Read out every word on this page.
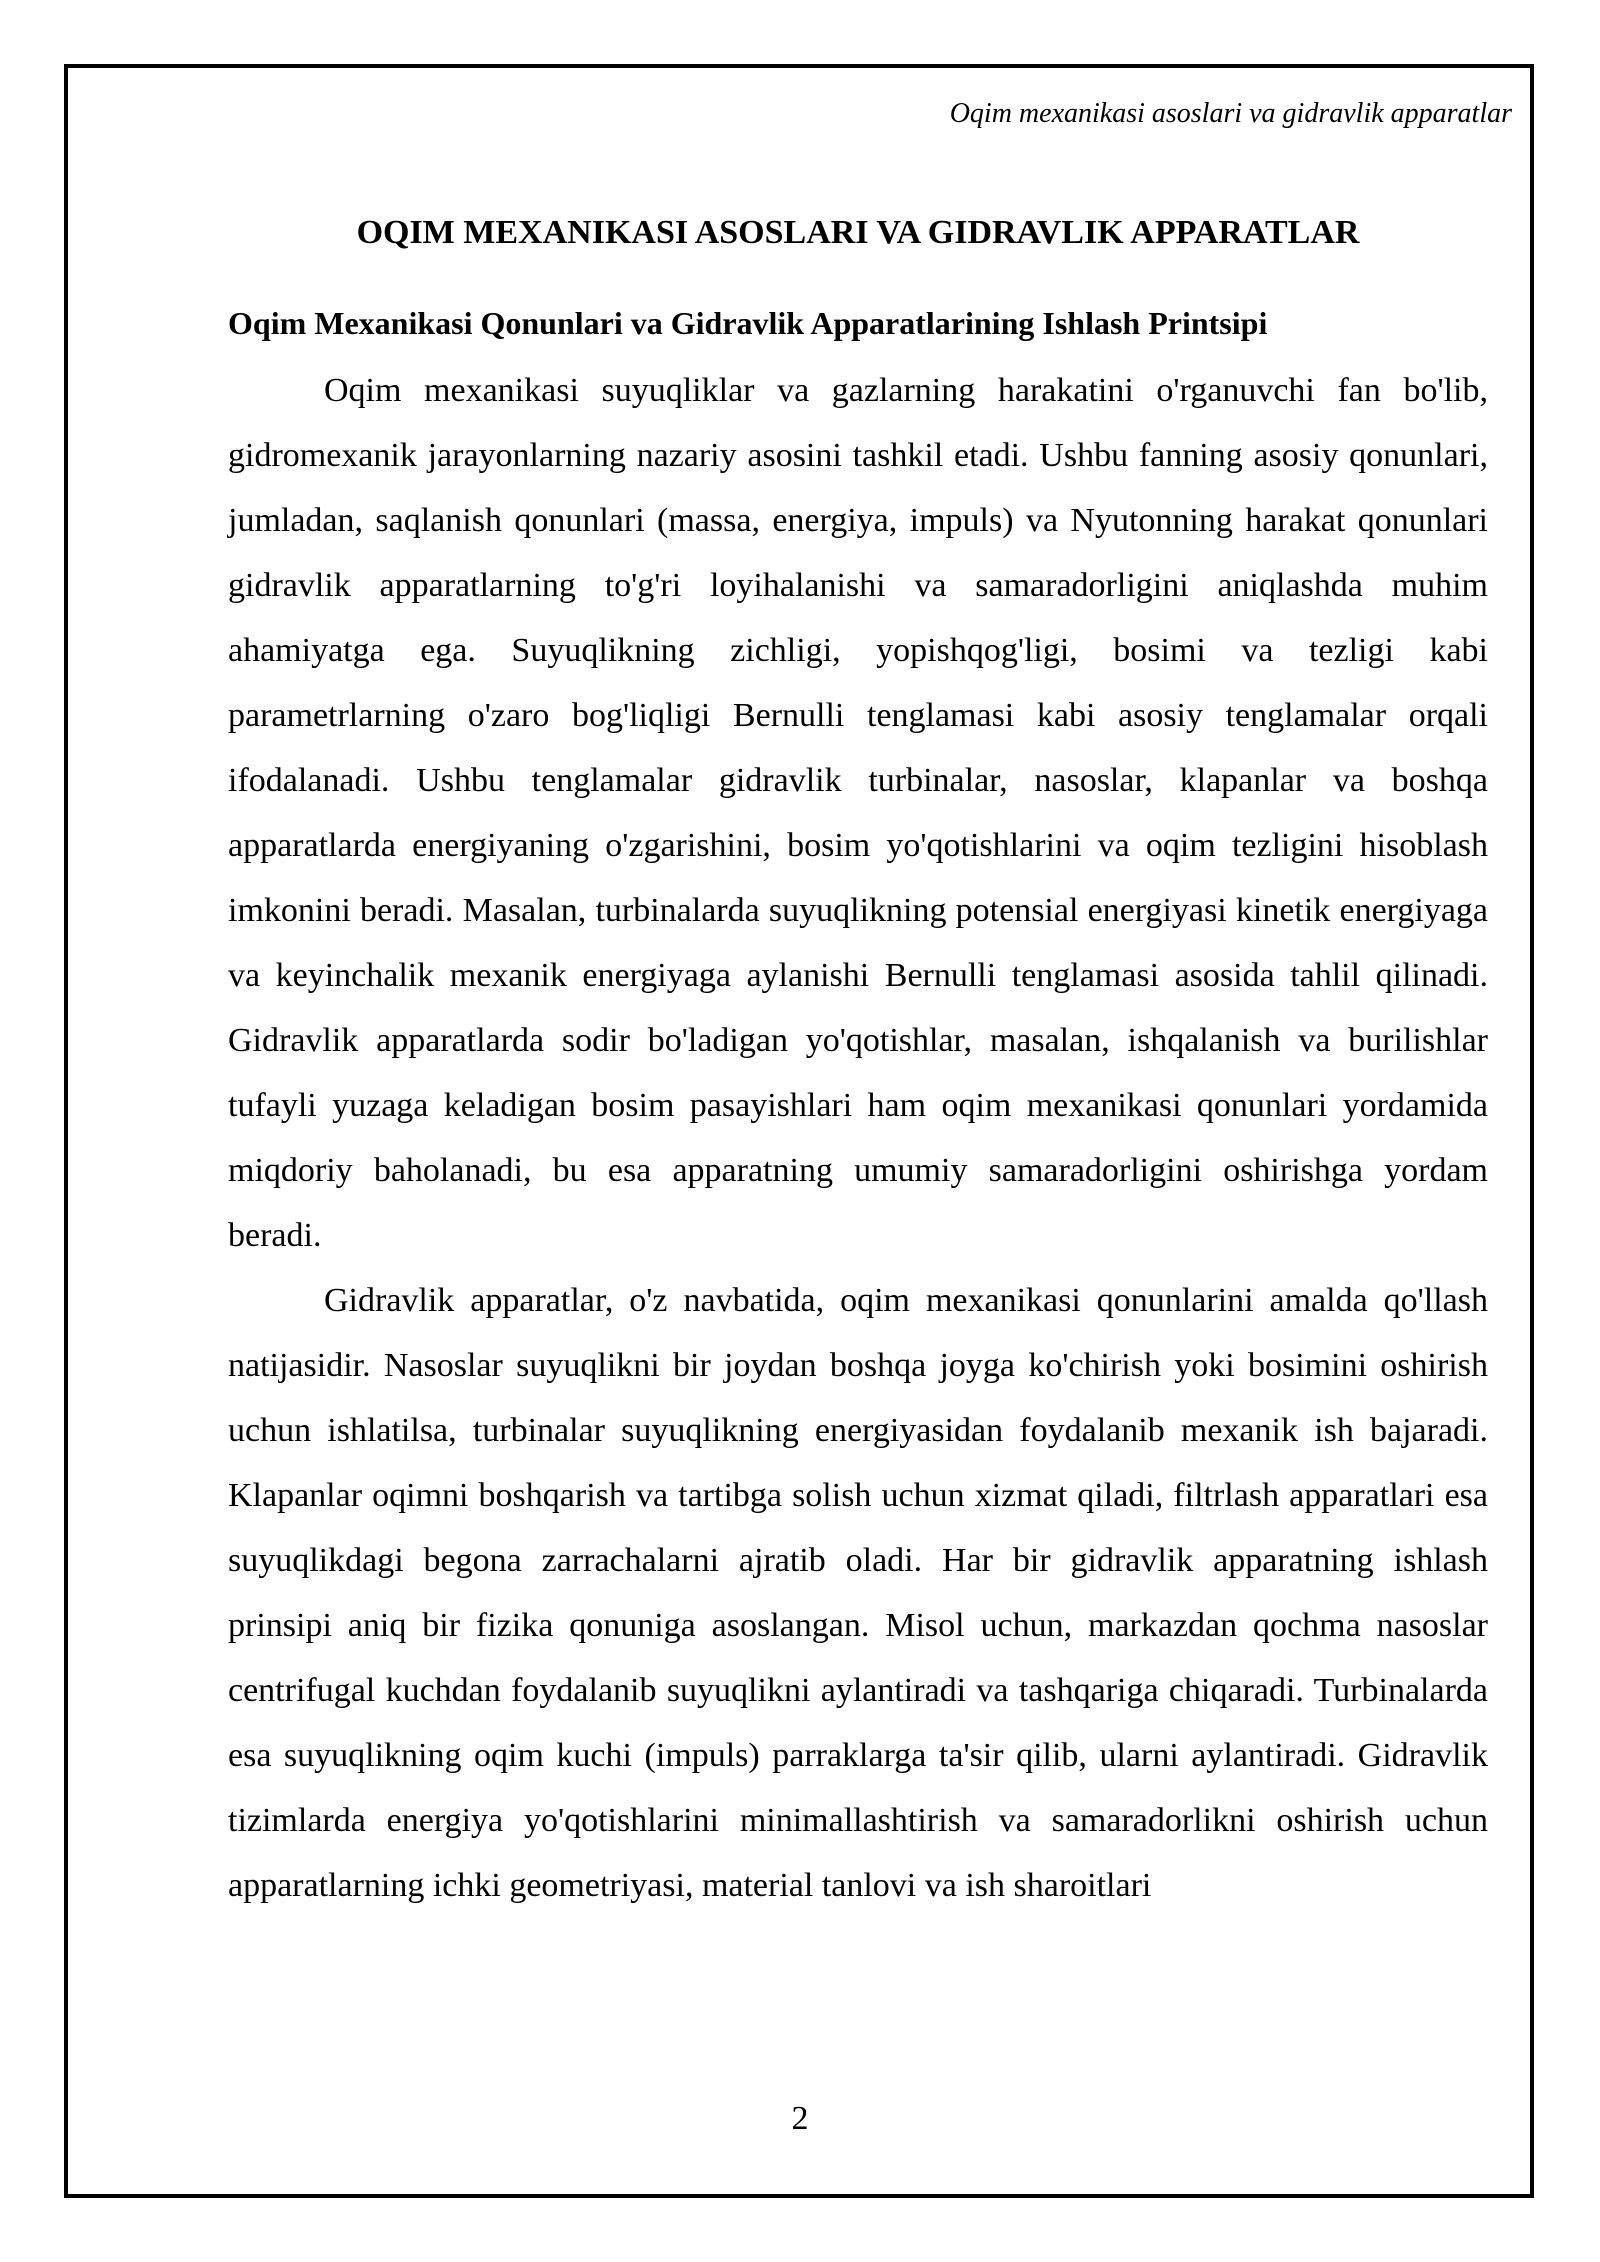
Oqim mexanikasi asoslari va gidravlik apparatlar
OQIM MEXANIKASI ASOSLARI VA GIDRAVLIK APPARATLAR
Oqim Mexanikasi Qonunlari va Gidravlik Apparatlarining Ishlash Printsipi

Oqim mexanikasi suyuqliklar va gazlarning harakatini o'rganuvchi fan bo'lib, gidromexanik jarayonlarning nazariy asosini tashkil etadi. Ushbu fanning asosiy qonunlari, jumladan, saqlanish qonunlari (massa, energiya, impuls) va Nyutonning harakat qonunlari gidravlik apparatlarning to'g'ri loyihalanishi va samaradorligini aniqlashda muhim ahamiyatga ega. Suyuqlikning zichligi, yopishqog'ligi, bosimi va tezligi kabi parametrlarning o'zaro bog'liqligi Bernulli tenglamasi kabi asosiy tenglamalar orqali ifodalanadi. Ushbu tenglamalar gidravlik turbinalar, nasoslar, klapanlar va boshqa apparatlarda energiyaning o'zgarishini, bosim yo'qotishlarini va oqim tezligini hisoblash imkonini beradi. Masalan, turbinalarda suyuqlikning potensial energiyasi kinetik energiyaga va keyinchalik mexanik energiyaga aylanishi Bernulli tenglamasi asosida tahlil qilinadi. Gidravlik apparatlarda sodir bo'ladigan yo'qotishlar, masalan, ishqalanish va burilishlar tufayli yuzaga keladigan bosim pasayishlari ham oqim mexanikasi qonunlari yordamida miqdoriy baholanadi, bu esa apparatning umumiy samaradorligini oshirishga yordam beradi.

Gidravlik apparatlar, o'z navbatida, oqim mexanikasi qonunlarini amalda qo'llash natijasidir. Nasoslar suyuqlikni bir joydan boshqa joyga ko'chirish yoki bosimini oshirish uchun ishlatilsa, turbinalar suyuqlikning energiyasidan foydalanib mexanik ish bajaradi. Klapanlar oqimni boshqarish va tartibga solish uchun xizmat qiladi, filtrlash apparatlari esa suyuqlikdagi begona zarrachalarni ajratib oladi. Har bir gidravlik apparatning ishlash prinsipi aniq bir fizika qonuniga asoslangan. Misol uchun, markazdan qochma nasoslar centrifugal kuchdan foydalanib suyuqlikni aylantiradi va tashqariga chiqaradi. Turbinalarda esa suyuqlikning oqim kuchi (impuls) parraklarga ta'sir qilib, ularni aylantiradi. Gidravlik tizimlarda energiya yo'qotishlarini minimallashtirish va samaradorlikni oshirish uchun apparatlarning ichki geometriyasi, material tanlovi va ish sharoitlari

2
